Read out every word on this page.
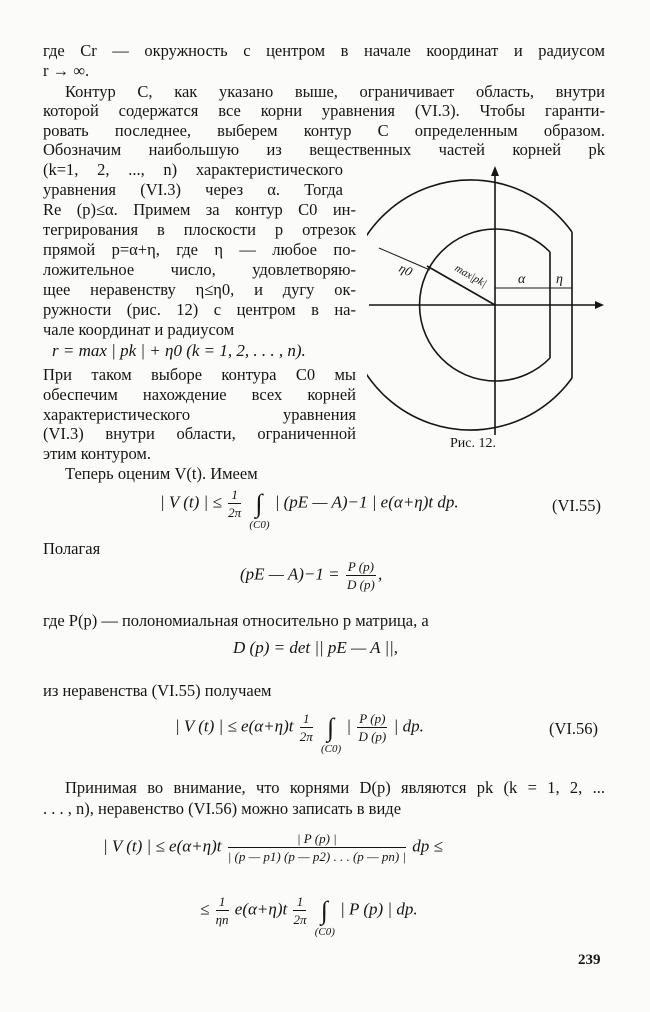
где Cr — окружность с центром в начале координат и радиусом
r → ∞.
Контур C, как указано выше, ограничивает область, внутри
которой содержатся все корни уравнения (VI.3). Чтобы гаранти-
ровать последнее, выберем контур C определенным образом.
Обозначим наибольшую из вещественных частей корней pk
(k=1, 2, ..., n) характеристического
уравнения (VI.3) через α. Тогда
Re (p)≤α. Примем за контур C0 ин-
тегрирования в плоскости p отрезок
прямой p=α+η, где η — любое по-
ложительное число, удовлетворяю-
щее неравенству η≤η0, и дугу ок-
ружности (рис. 12) с центром в на-
чале координат и радиусом
r = max | pk | + η0 (k = 1, 2, . . . , n).
При таком выборе контура C0 мы
обеспечим нахождение всех корней
характеристического уравнения
(VI.3) внутри области, ограниченной
этим контуром.
Теперь оценим V(t). Имеем
η0	max|pk| α η
Рис. 12.
| V (t) | ≤ $\frac{1}{2\pi}$ ∫
(C0)
| (pE — A)−1 | e(α+η)t dp.	(VI.55)
Полагая
(pE — $A)-1 = \frac{P (p)}{D (p)}$ ,
где P(p) — полономиальная относительно p матрица, а
D (p) = det || pE — A ||,
из неравенства (VI.55) получаем
| V (t) | ≤ $e(\alpha+\eta)t \frac{1}{2\pi}$ ∫
(C0)
| $\frac{P (p)}{D (p)}$ | dp.	(VI.56)
Принимая во внимание, что корнями D(p) являются pk (k = 1, 2, ...
. . . , n), неравенство (VI.56) можно записать в виде
| V (t) | ≤ $e(\alpha+\eta)t \frac{| P (p) |}{| (p — p1) (p — p2) . . . (p — pn) |}$ dp ≤
≤ $\frac{1}{\eta n} e(\alpha+\eta)t \frac{1}{2\pi}$ ∫
(C0)
| P (p) | dp.
239
